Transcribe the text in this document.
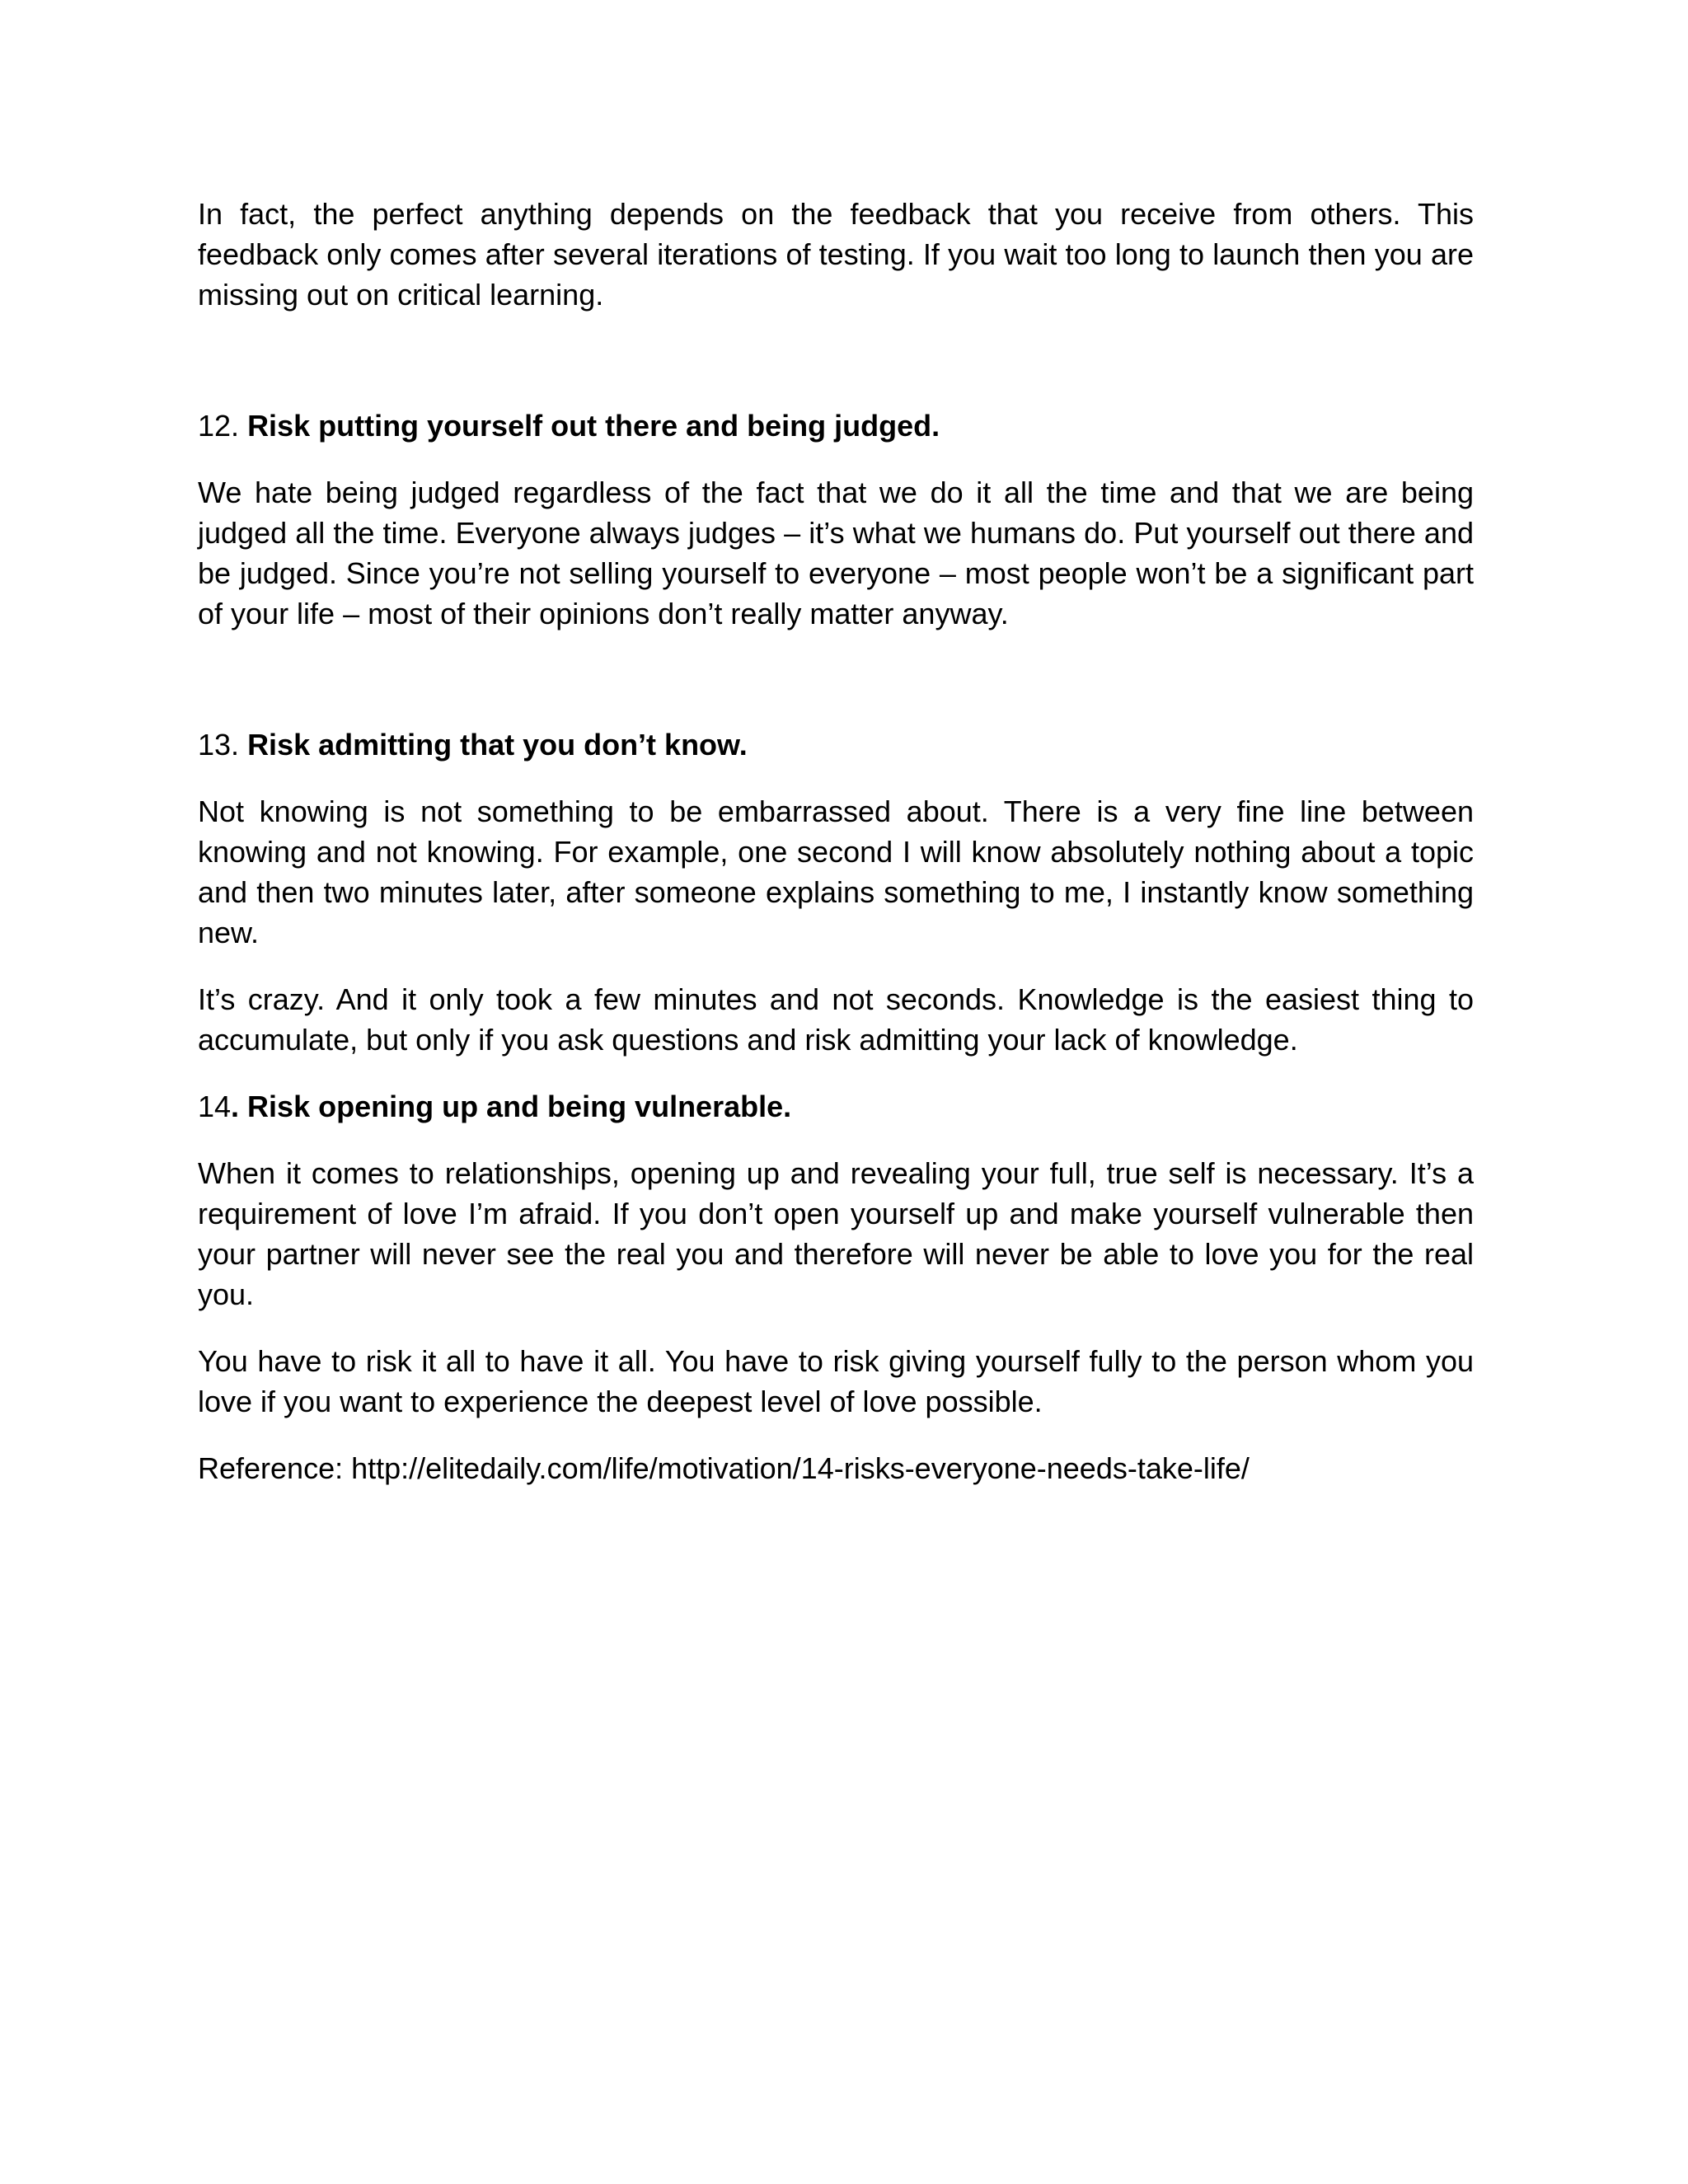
In fact, the perfect anything depends on the feedback that you receive from others. This feedback only comes after several iterations of testing. If you wait too long to launch then you are missing out on critical learning.

12. Risk putting yourself out there and being judged.

We hate being judged regardless of the fact that we do it all the time and that we are being judged all the time. Everyone always judges – it’s what we humans do. Put yourself out there and be judged. Since you’re not selling yourself to everyone – most people won’t be a significant part of your life – most of their opinions don’t really matter anyway.

13. Risk admitting that you don’t know.

Not knowing is not something to be embarrassed about. There is a very fine line between knowing and not knowing. For example, one second I will know absolutely nothing about a topic and then two minutes later, after someone explains something to me, I instantly know something new.

It’s crazy. And it only took a few minutes and not seconds. Knowledge is the easiest thing to accumulate, but only if you ask questions and risk admitting your lack of knowledge.

14. Risk opening up and being vulnerable.

When it comes to relationships, opening up and revealing your full, true self is necessary. It’s a requirement of love I’m afraid. If you don’t open yourself up and make yourself vulnerable then your partner will never see the real you and therefore will never be able to love you for the real you.

You have to risk it all to have it all. You have to risk giving yourself fully to the person whom you love if you want to experience the deepest level of love possible.

Reference: http://elitedaily.com/life/motivation/14-risks-everyone-needs-take-life/
